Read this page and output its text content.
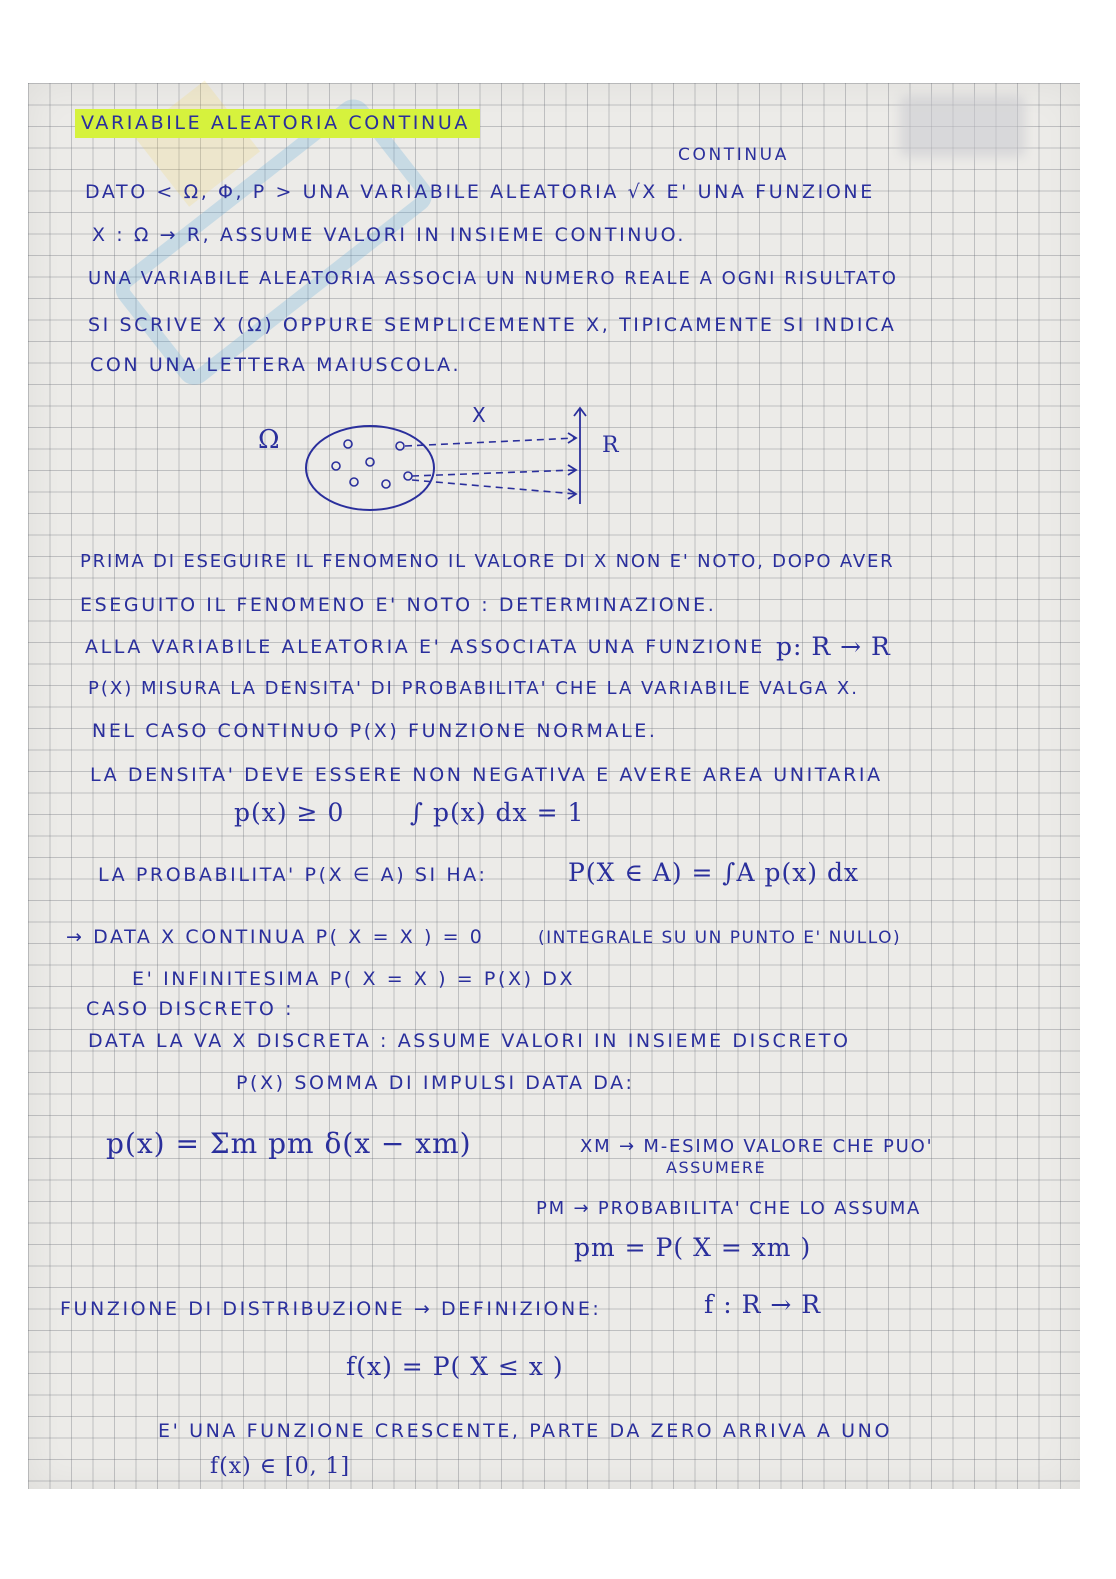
VARIABILE ALEATORIA CONTINUA
CONTINUA
DATO < Ω, Φ, P > UNA VARIABILE ALEATORIA √X E' UNA FUNZIONE
X : Ω → R, ASSUME VALORI IN INSIEME CONTINUO.
UNA VARIABILE ALEATORIA ASSOCIA UN NUMERO REALE A OGNI RISULTATO
SI SCRIVE X (Ω) OPPURE SEMPLICEMENTE X, TIPICAMENTE SI INDICA
CON UNA LETTERA MAIUSCOLA.
Ω
X
R
PRIMA DI ESEGUIRE IL FENOMENO IL VALORE DI X NON E' NOTO, DOPO AVER
ESEGUITO IL FENOMENO E' NOTO : DETERMINAZIONE.
ALLA VARIABILE ALEATORIA E' ASSOCIATA UNA FUNZIONE p: R → R
P(X) MISURA LA DENSITA' DI PROBABILITA' CHE LA VARIABILE VALGA X.
NEL CASO CONTINUO P(X) FUNZIONE NORMALE.
LA DENSITA' DEVE ESSERE NON NEGATIVA E AVERE AREA UNITARIA
p(x) ≥ 0	∫ p(x) dx = 1
LA PROBABILITA' P(X ∈ A) SI HA:	P(X ∈ A) = ∫A p(x) dx
→ DATA X CONTINUA P( X = X ) = 0	(INTEGRALE SU UN PUNTO E' NULLO)
E' INFINITESIMA P( X = X ) = P(X) DX
CASO DISCRETO :
DATA LA VA X DISCRETA : ASSUME VALORI IN INSIEME DISCRETO
P(X) SOMMA DI IMPULSI DATA DA:
p(x) = Σm pm δ(x − xm)	XM → M-ESIMO VALORE CHE PUO'
ASSUMERE
PM → PROBABILITA' CHE LO ASSUMA
pm = P( X = xm )
FUNZIONE DI DISTRIBUZIONE → DEFINIZIONE:	f : R → R
f(x) = P( X ≤ x )
E' UNA FUNZIONE CRESCENTE, PARTE DA ZERO ARRIVA A UNO
f(x) ∈ [0, 1]
